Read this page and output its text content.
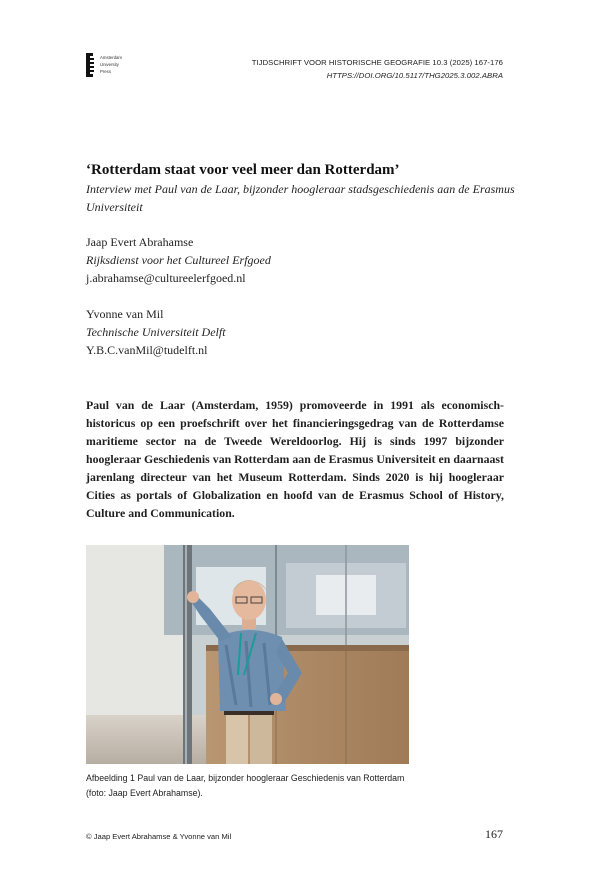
Amsterdam
University
Press
TIJDSCHRIFT VOOR HISTORISCHE GEOGRAFIE 10.3 (2025) 167-176
HTTPS://DOI.ORG/10.5117/THG2025.3.002.ABRA
‘Rotterdam staat voor veel meer dan Rotterdam’

Interview met Paul van de Laar, bijzonder hoogleraar stadsgeschiedenis aan de Erasmus Universiteit

Jaap Evert Abrahamse
Rijksdienst voor het Cultureel Erfgoed
j.abrahamse@cultureelerfgoed.nl
Yvonne van Mil
Technische Universiteit Delft
Y.B.C.vanMil@tudelft.nl

Paul van de Laar (Amsterdam, 1959) promoveerde in 1991 als economisch-historicus op een proefschrift over het financieringsgedrag van de Rotterdamse maritieme sector na de Tweede Wereldoorlog. Hij is sinds 1997 bijzonder hoogleraar Geschiedenis van Rotterdam aan de Erasmus Universiteit en daarnaast jarenlang directeur van het Museum Rotterdam. Sinds 2020 is hij hoogleraar Cities as portals of Globalization en hoofd van de Erasmus School of History, Culture and Communication.

Afbeelding 1 Paul van de Laar, bijzonder hoogleraar Geschiedenis van Rotterdam (foto: Jaap Evert Abrahamse).

© Jaap Evert Abrahamse & Yvonne van Mil	167
